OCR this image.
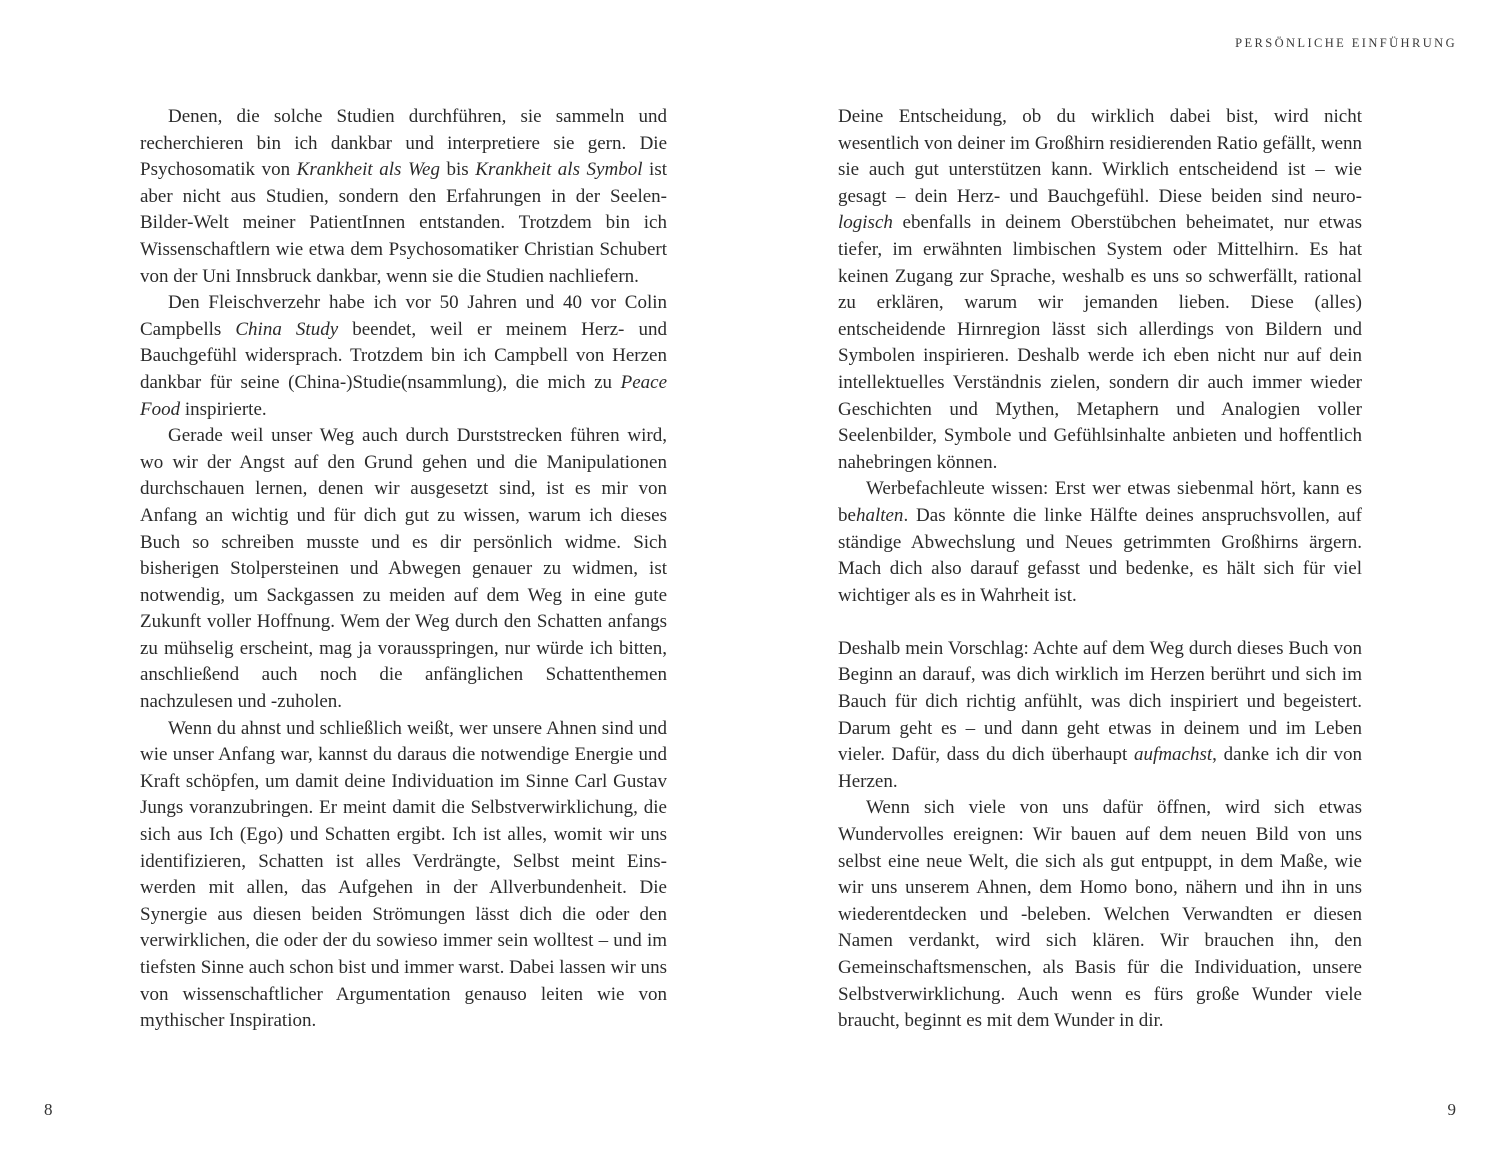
Denen, die solche Studien durchführen, sie sammeln und recherchieren bin ich dankbar und interpretiere sie gern. Die Psychosomatik von Krankheit als Weg bis Krankheit als Symbol ist aber nicht aus Studien, sondern den Erfahrungen in der Seelen-Bilder-Welt meiner PatientInnen entstanden. Trotzdem bin ich Wissenschaftlern wie etwa dem Psychosomatiker Christian Schubert von der Uni Innsbruck dankbar, wenn sie die Studien nachliefern.

Den Fleischverzehr habe ich vor 50 Jahren und 40 vor Colin Campbells China Study beendet, weil er meinem Herz- und Bauchgefühl widersprach. Trotzdem bin ich Campbell von Herzen dankbar für seine (China-)Studie(nsammlung), die mich zu Peace Food inspirierte.

Gerade weil unser Weg auch durch Durststrecken führen wird, wo wir der Angst auf den Grund gehen und die Manipulationen durchschauen lernen, denen wir ausgesetzt sind, ist es mir von Anfang an wichtig und für dich gut zu wissen, warum ich dieses Buch so schreiben musste und es dir persönlich widme. Sich bisherigen Stolpersteinen und Abwegen genauer zu widmen, ist notwendig, um Sackgassen zu meiden auf dem Weg in eine gute Zukunft voller Hoffnung. Wem der Weg durch den Schatten anfangs zu mühselig erscheint, mag ja vorausspringen, nur würde ich bitten, anschließend auch noch die anfänglichen Schattenthemen nachzulesen und -zuholen.

Wenn du ahnst und schließlich weißt, wer unsere Ahnen sind und wie unser Anfang war, kannst du daraus die notwendige Energie und Kraft schöpfen, um damit deine Individuation im Sinne Carl Gustav Jungs voranzubringen. Er meint damit die Selbstverwirklichung, die sich aus Ich (Ego) und Schatten ergibt. Ich ist alles, womit wir uns identifizieren, Schatten ist alles Verdrängte, Selbst meint Eins-werden mit allen, das Aufgehen in der Allverbundenheit. Die Synergie aus diesen beiden Strömungen lässt dich die oder den verwirklichen, die oder der du sowieso immer sein wolltest – und im tiefsten Sinne auch schon bist und immer warst. Dabei lassen wir uns von wissenschaftlicher Argumentation genauso leiten wie von mythischer Inspiration.

8
PERSÖNLICHE EINFÜHRUNG

Deine Entscheidung, ob du wirklich dabei bist, wird nicht wesentlich von deiner im Großhirn residierenden Ratio gefällt, wenn sie auch gut unterstützen kann. Wirklich entscheidend ist – wie gesagt – dein Herz- und Bauchgefühl. Diese beiden sind neuro-logisch ebenfalls in deinem Oberstübchen beheimatet, nur etwas tiefer, im erwähnten limbischen System oder Mittelhirn. Es hat keinen Zugang zur Sprache, weshalb es uns so schwerfällt, rational zu erklären, warum wir jemanden lieben. Diese (alles) entscheidende Hirnregion lässt sich allerdings von Bildern und Symbolen inspirieren. Deshalb werde ich eben nicht nur auf dein intellektuelles Verständnis zielen, sondern dir auch immer wieder Geschichten und Mythen, Metaphern und Analogien voller Seelenbilder, Symbole und Gefühlsinhalte anbieten und hoffentlich nahebringen können.

Werbefachleute wissen: Erst wer etwas siebenmal hört, kann es behalten. Das könnte die linke Hälfte deines anspruchsvollen, auf ständige Abwechslung und Neues getrimmten Großhirns ärgern. Mach dich also darauf gefasst und bedenke, es hält sich für viel wichtiger als es in Wahrheit ist.

Deshalb mein Vorschlag: Achte auf dem Weg durch dieses Buch von Beginn an darauf, was dich wirklich im Herzen berührt und sich im Bauch für dich richtig anfühlt, was dich inspiriert und begeistert. Darum geht es – und dann geht etwas in deinem und im Leben vieler. Dafür, dass du dich überhaupt aufmachst, danke ich dir von Herzen.

Wenn sich viele von uns dafür öffnen, wird sich etwas Wundervolles ereignen: Wir bauen auf dem neuen Bild von uns selbst eine neue Welt, die sich als gut entpuppt, in dem Maße, wie wir uns unserem Ahnen, dem Homo bono, nähern und ihn in uns wiederentdecken und -beleben. Welchen Verwandten er diesen Namen verdankt, wird sich klären. Wir brauchen ihn, den Gemeinschaftsmenschen, als Basis für die Individuation, unsere Selbstverwirklichung. Auch wenn es fürs große Wunder viele braucht, beginnt es mit dem Wunder in dir.

9
